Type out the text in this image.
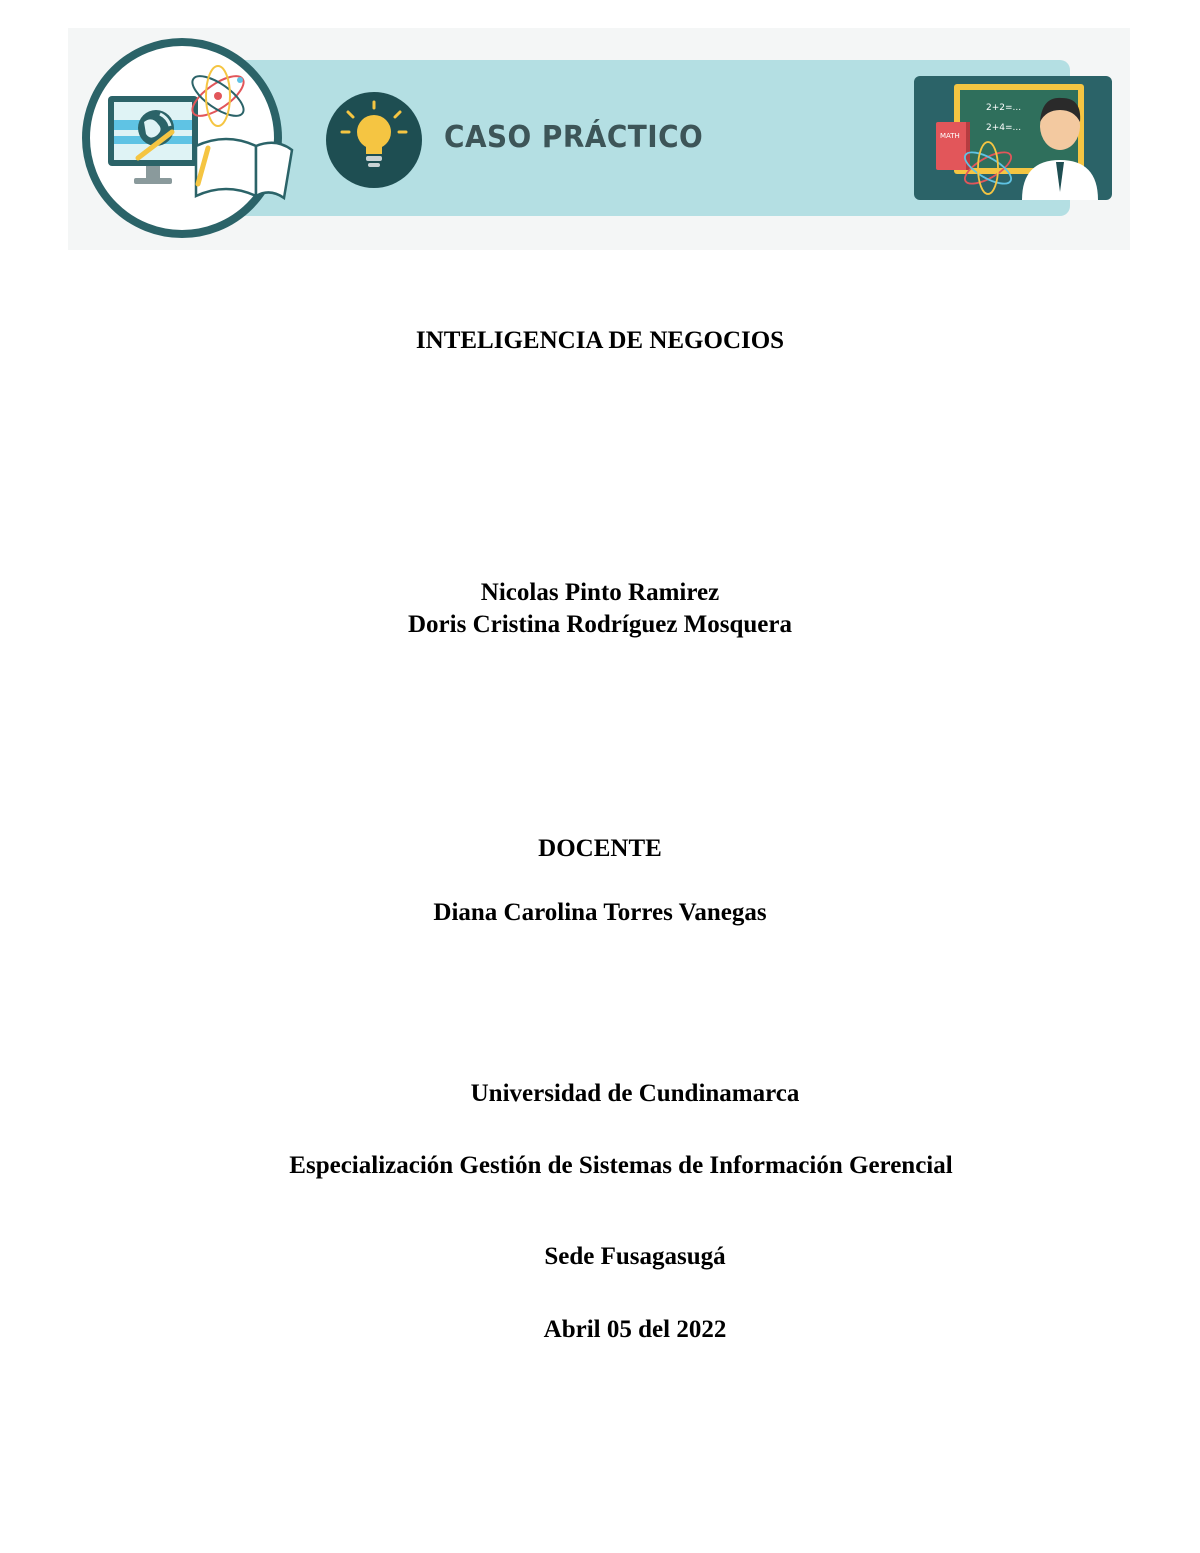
2+2=...
2+4=...
MATH
CASO PRÁCTICO
INTELIGENCIA DE NEGOCIOS
Nicolas Pinto Ramirez
Doris Cristina Rodríguez Mosquera
DOCENTE
Diana Carolina Torres Vanegas
Universidad de Cundinamarca
Especialización Gestión de Sistemas de Información Gerencial
Sede Fusagasugá
Abril 05 del 2022
